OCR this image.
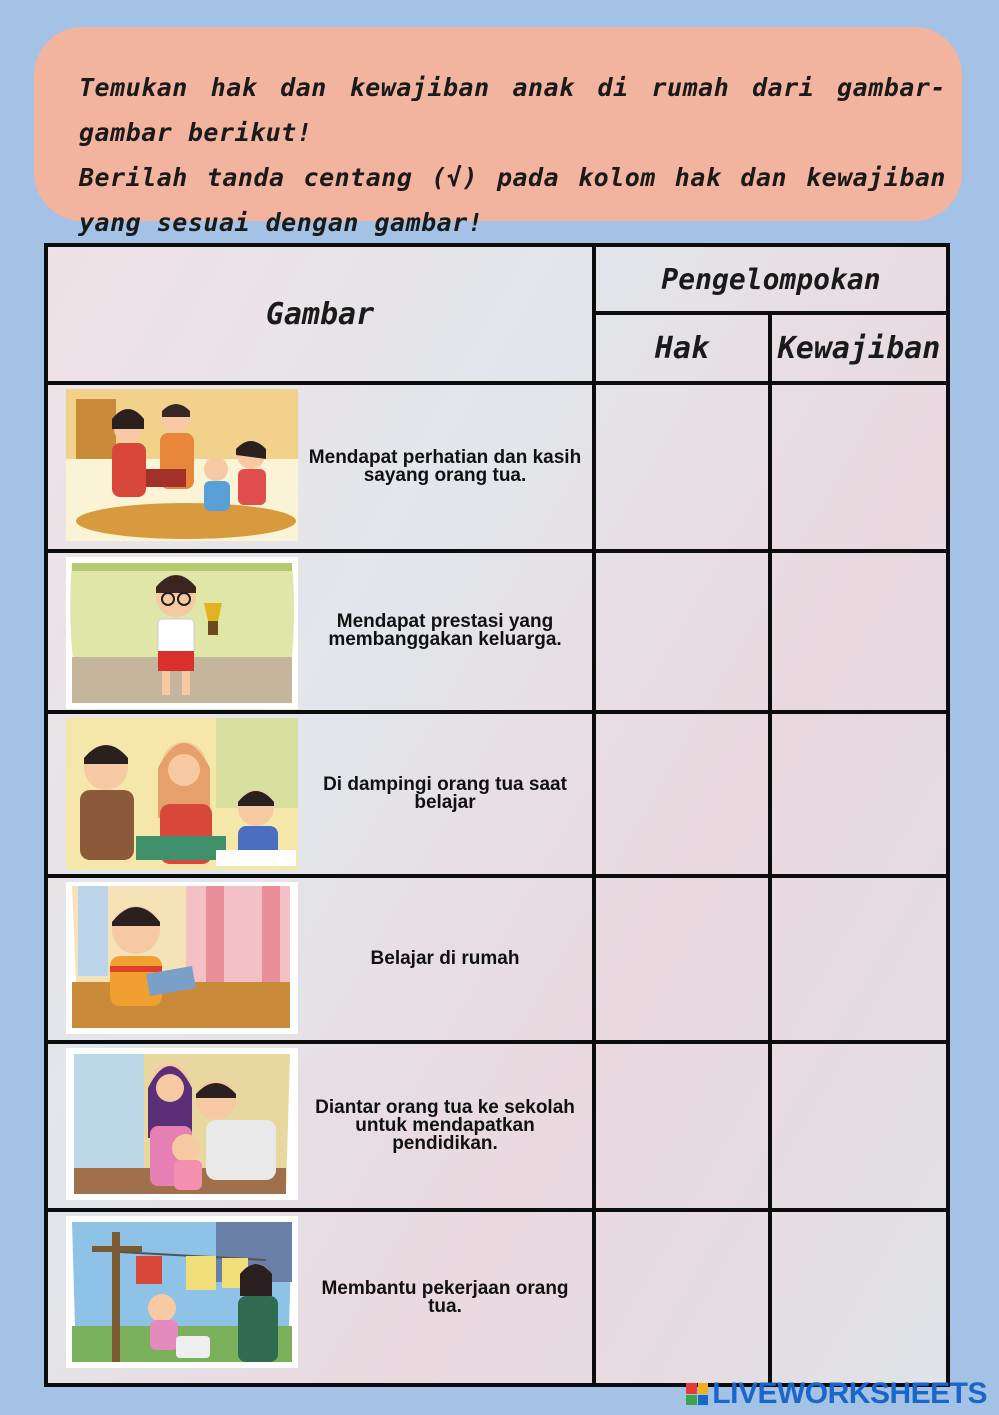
Temukan hak dan kewajiban anak di rumah dari gambar-gambar berikut!

Berilah tanda centang (√) pada kolom hak dan kewajiban yang sesuai dengan gambar!

Gambar	Pengelompokan	
	Hak	Kewajiban

Mendapat perhatian dan kasih sayang orang tua.		

Mendapat prestasi yang membanggakan keluarga.		

Di dampingi orang tua saat belajar		

Belajar di rumah		

Diantar orang tua ke sekolah untuk mendapatkan pendidikan.		

Membantu pekerjaan orang tua.		

LIVEWORKSHEETS
